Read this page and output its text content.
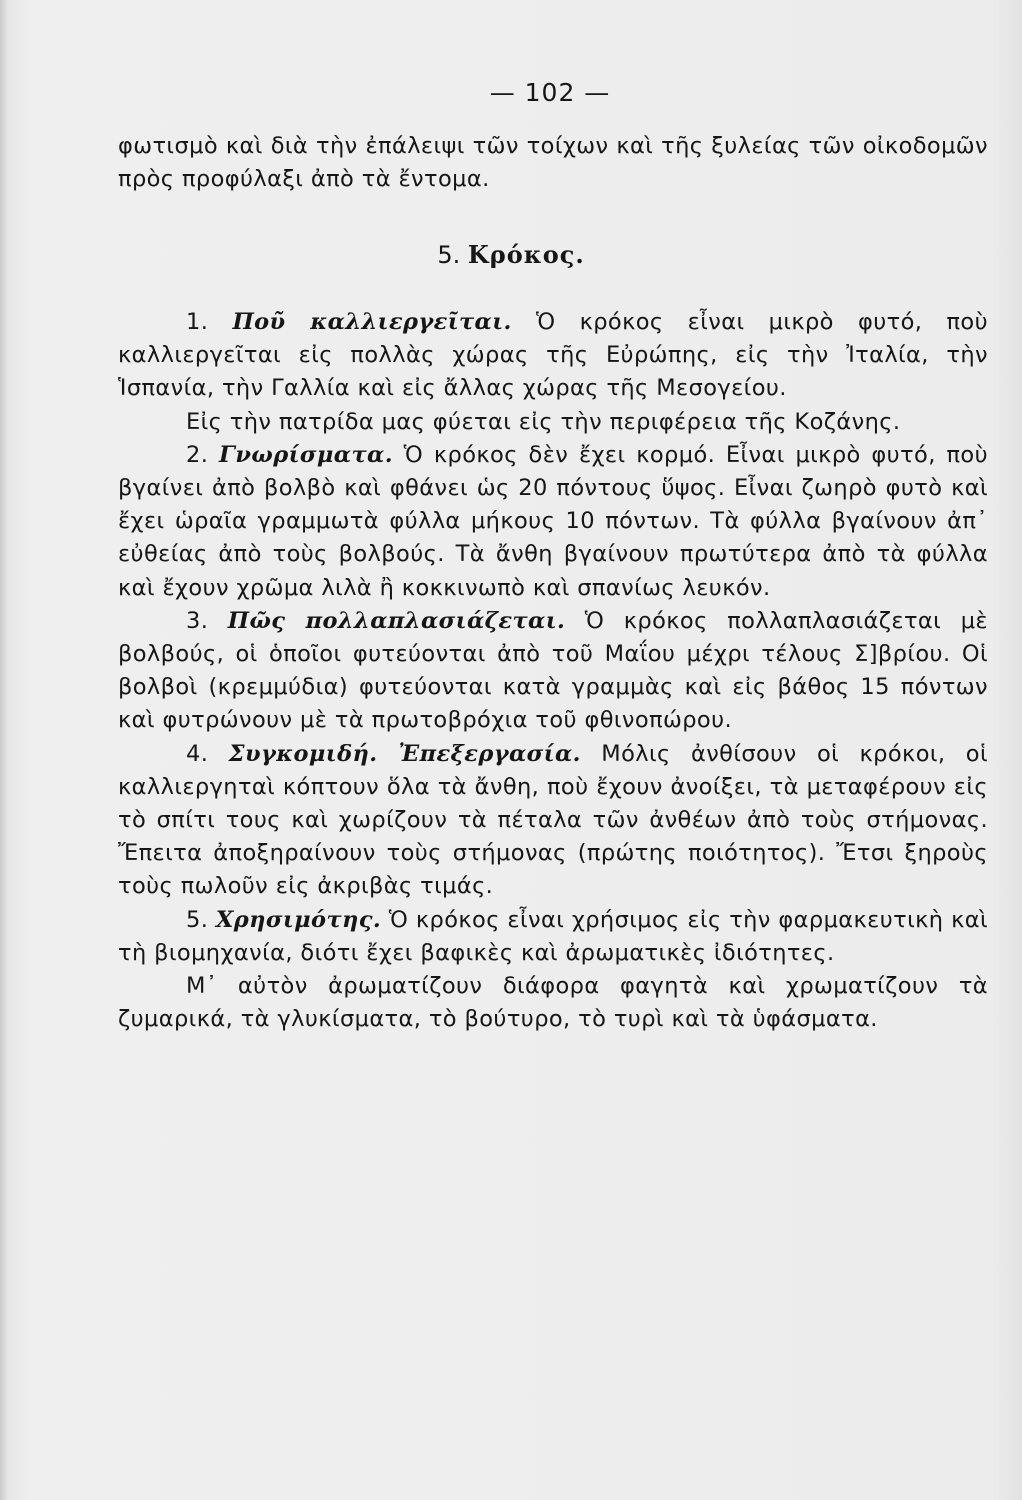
— 102 —

φωτισμὸ καὶ διὰ τὴν ἐπάλειψι τῶν τοίχων καὶ τῆς ξυλείας τῶν οἰκοδομῶν πρὸς προφύλαξι ἀπὸ τὰ ἔντομα.

5. Κρόκος.

1. Ποῦ καλλιεργεῖται. Ὁ κρόκος εἶναι μικρὸ φυτό, ποὺ καλλιεργεῖται εἰς πολλὰς χώρας τῆς Εὐρώπης, εἰς τὴν Ἰταλία, τὴν Ἱσπανία, τὴν Γαλλία καὶ εἰς ἄλλας χώρας τῆς Μεσογείου.

Εἰς τὴν πατρίδα μας φύεται εἰς τὴν περιφέρεια τῆς Κοζάνης.

2. Γνωρίσματα. Ὁ κρόκος δὲν ἔχει κορμό. Εἶναι μικρὸ φυτό, ποὺ βγαίνει ἀπὸ βολβὸ καὶ φθάνει ὡς 20 πόντους ὕψος. Εἶναι ζωηρὸ φυτὸ καὶ ἔχει ὡραῖα γραμμωτὰ φύλλα μήκους 10 πόντων. Τὰ φύλλα βγαίνουν ἀπ᾿ εὐθείας ἀπὸ τοὺς βολβούς. Τὰ ἄνθη βγαίνουν πρωτύτερα ἀπὸ τὰ φύλλα καὶ ἔχουν χρῶμα λιλὰ ἢ κοκκινωπὸ καὶ σπανίως λευκόν.

3. Πῶς πολλαπλασιάζεται. Ὁ κρόκος πολλαπλασιάζεται μὲ βολβούς, οἱ ὁποῖοι φυτεύονται ἀπὸ τοῦ Μαΐου μέχρι τέλους Σ]βρίου. Οἱ βολβοὶ (κρεμμύδια) φυτεύονται κατὰ γραμμὰς καὶ εἰς βάθος 15 πόντων καὶ φυτρώνουν μὲ τὰ πρωτοβρόχια τοῦ φθινοπώρου.

4. Συγκομιδή. Ἐπεξεργασία. Μόλις ἀνθίσουν οἱ κρόκοι, οἱ καλλιεργηταὶ κόπτουν ὅλα τὰ ἄνθη, ποὺ ἔχουν ἀνοίξει, τὰ μεταφέρουν εἰς τὸ σπίτι τους καὶ χωρίζουν τὰ πέταλα τῶν ἀνθέων ἀπὸ τοὺς στήμονας. Ἔπειτα ἀποξηραίνουν τοὺς στήμονας (πρώτης ποιότητος). Ἔτσι ξηροὺς τοὺς πωλοῦν εἰς ἀκριβὰς τιμάς.

5. Χρησιμότης. Ὁ κρόκος εἶναι χρήσιμος εἰς τὴν φαρμακευτικὴ καὶ τὴ βιομηχανία, διότι ἔχει βαφικὲς καὶ ἀρωματικὲς ἰδιότητες.

Μ᾿ αὐτὸν ἀρωματίζουν διάφορα φαγητὰ καὶ χρωματίζουν τὰ ζυμαρικά, τὰ γλυκίσματα, τὸ βούτυρο, τὸ τυρὶ καὶ τὰ ὑφάσματα.
